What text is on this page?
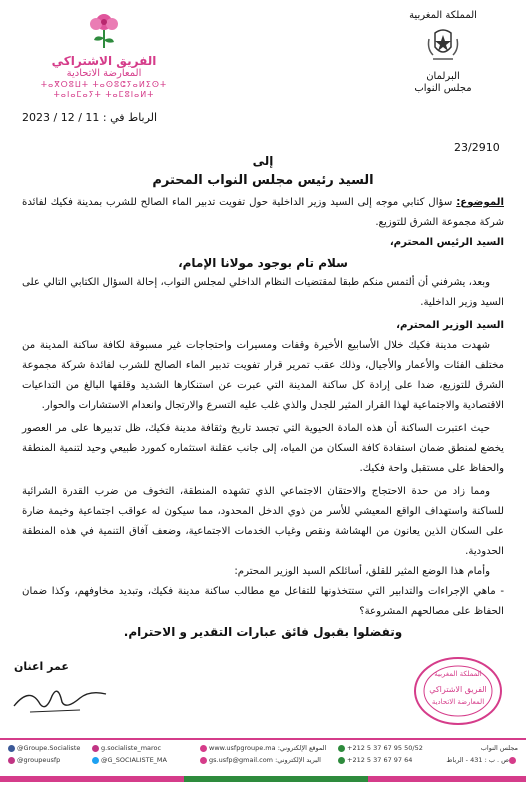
الفريق الاشتراكي
المعارضة الاتحادية
ⵜⴰⴳⵔⵓⵡⵜ ⵜⴰⵙⵓⵛⵢⴰⵍⵉⵙⵜ
ⵜⴰⵏⴰⵎⴰⵢⵜ ⵜⴰⵎⵓⵏⴰⵍⵜ
المملكة المغربية
البرلمان
مجلس النواب
الرباط في : 11 / 12 / 2023
23/2910
إلى
السيد رئيس مجلس النواب المحترم

الموضوع: سؤال كتابي موجه إلى السيد وزير الداخلية حول تفويت تدبير الماء الصالح للشرب بمدينة فكيك لفائدة شركة مجموعة الشرق للتوزيع.

السيد الرئيس المحترم،

سلام تام بوجود مولانا الإمام،

وبعد، يشرفني أن ألتمس منكم طبقا لمقتضيات النظام الداخلي لمجلس النواب، إحالة السؤال الكتابي التالي على السيد وزير الداخلية.

السيد الوزير المحترم،

شهدت مدينة فكيك خلال الأسابيع الأخيرة وقفات ومسيرات واحتجاجات غير مسبوقة لكافة ساكنة المدينة من مختلف الفئات والأعمار والأجيال، وذلك عقب تمرير قرار تفويت تدبير الماء الصالح للشرب لفائدة شركة مجموعة الشرق للتوزيع، ضدا على إرادة كل ساكنة المدينة التي عبرت عن استنكارها الشديد وقلقها البالغ من التداعيات الاقتصادية والاجتماعية لهذا القرار المثير للجدل والذي غلب عليه التسرع والارتجال وانعدام الاستشارات والحوار.

حيث اعتبرت الساكنة أن هذه المادة الحيوية التي تجسد تاريخ وثقافة مدينة فكيك، ظل تدبيرها على مر العصور يخضع لمنطق ضمان استفادة كافة السكان من المياه، إلى جانب عقلنة استثماره كمورد طبيعي وحيد لتنمية المنطقة والحفاظ على مستقبل واحة فكيك.

ومما زاد من حدة الاحتجاج والاحتقان الاجتماعي الذي تشهده المنطقة، التخوف من ضرب القدرة الشرائية للساكنة واستهداف الواقع المعيشي للأسر من ذوي الدخل المحدود، مما سيكون له عواقب اجتماعية وخيمة ضارة على السكان الذين يعانون من الهشاشة ونقص وغياب الخدمات الاجتماعية، وضعف آفاق التنمية في هذه المنطقة الحدودية.

وأمام هذا الوضع المثير للقلق، أسائلكم السيد الوزير المحترم:

- ماهي الإجراءات والتدابير التي ستتخذونها للتفاعل مع مطالب ساكنة مدينة فكيك، وتبديد مخاوفهم، وكذا ضمان الحفاظ على مصالحهم المشروعة؟

وتفضلوا بقبول فائق عبارات التقدير و الاحترام.

عمر اعنان
المملكة المغربية
الفريق الاشتراكي
المعارضة الاتحادية
@Groupe.Socialiste
@groupeusfp
g.socialiste_maroc
@G_SOCIALISTE_MA
www.usfpgroupe.ma :الموقع الإلكتروني
gs.usfp@gmail.com :البريد الإلكتروني
+212 5 37 67 95 50/52
+212 5 37 67 97 64
مجلس النواب
ص . ب : 431 - الرباط
